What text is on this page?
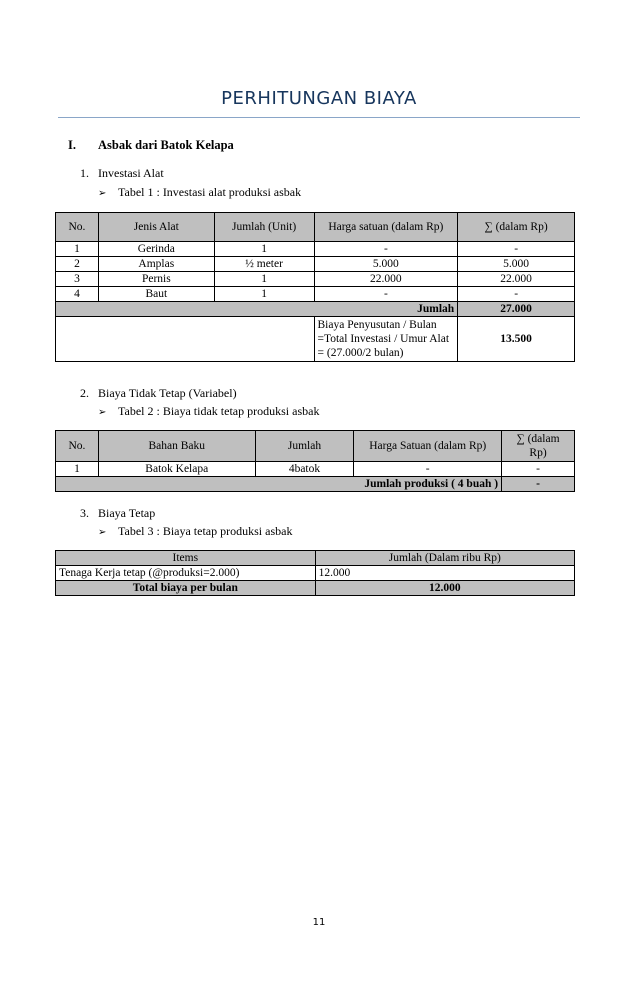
PERHITUNGAN BIAYA
I. Asbak dari Batok Kelapa
1. Investasi Alat
➢ Tabel 1 : Investasi alat produksi asbak
No.	Jenis Alat	Jumlah (Unit)	Harga satuan (dalam Rp)	∑ (dalam Rp)
1	Gerinda	1	-	-
2	Amplas	½ meter	5.000	5.000
3	Pernis	1	22.000	22.000
4	Baut	1	-	-
Jumlah				27.000

			Biaya Penyusutan / Bulan
=Total Investasi / Umur Alat
= (27.000/2 bulan)	13.500
2. Biaya Tidak Tetap (Variabel)
➢ Tabel 2 : Biaya tidak tetap produksi asbak
No.	Bahan Baku	Jumlah	Harga Satuan (dalam Rp)	∑ (dalam
Rp)

1	Batok Kelapa	4batok	-	-
Jumlah produksi ( 4 buah )				-
3. Biaya Tetap
➢ Tabel 3 : Biaya tetap produksi asbak
Items	Jumlah (Dalam ribu Rp)
Tenaga Kerja tetap (@produksi=2.000)	12.000
Total biaya per bulan	12.000
11
